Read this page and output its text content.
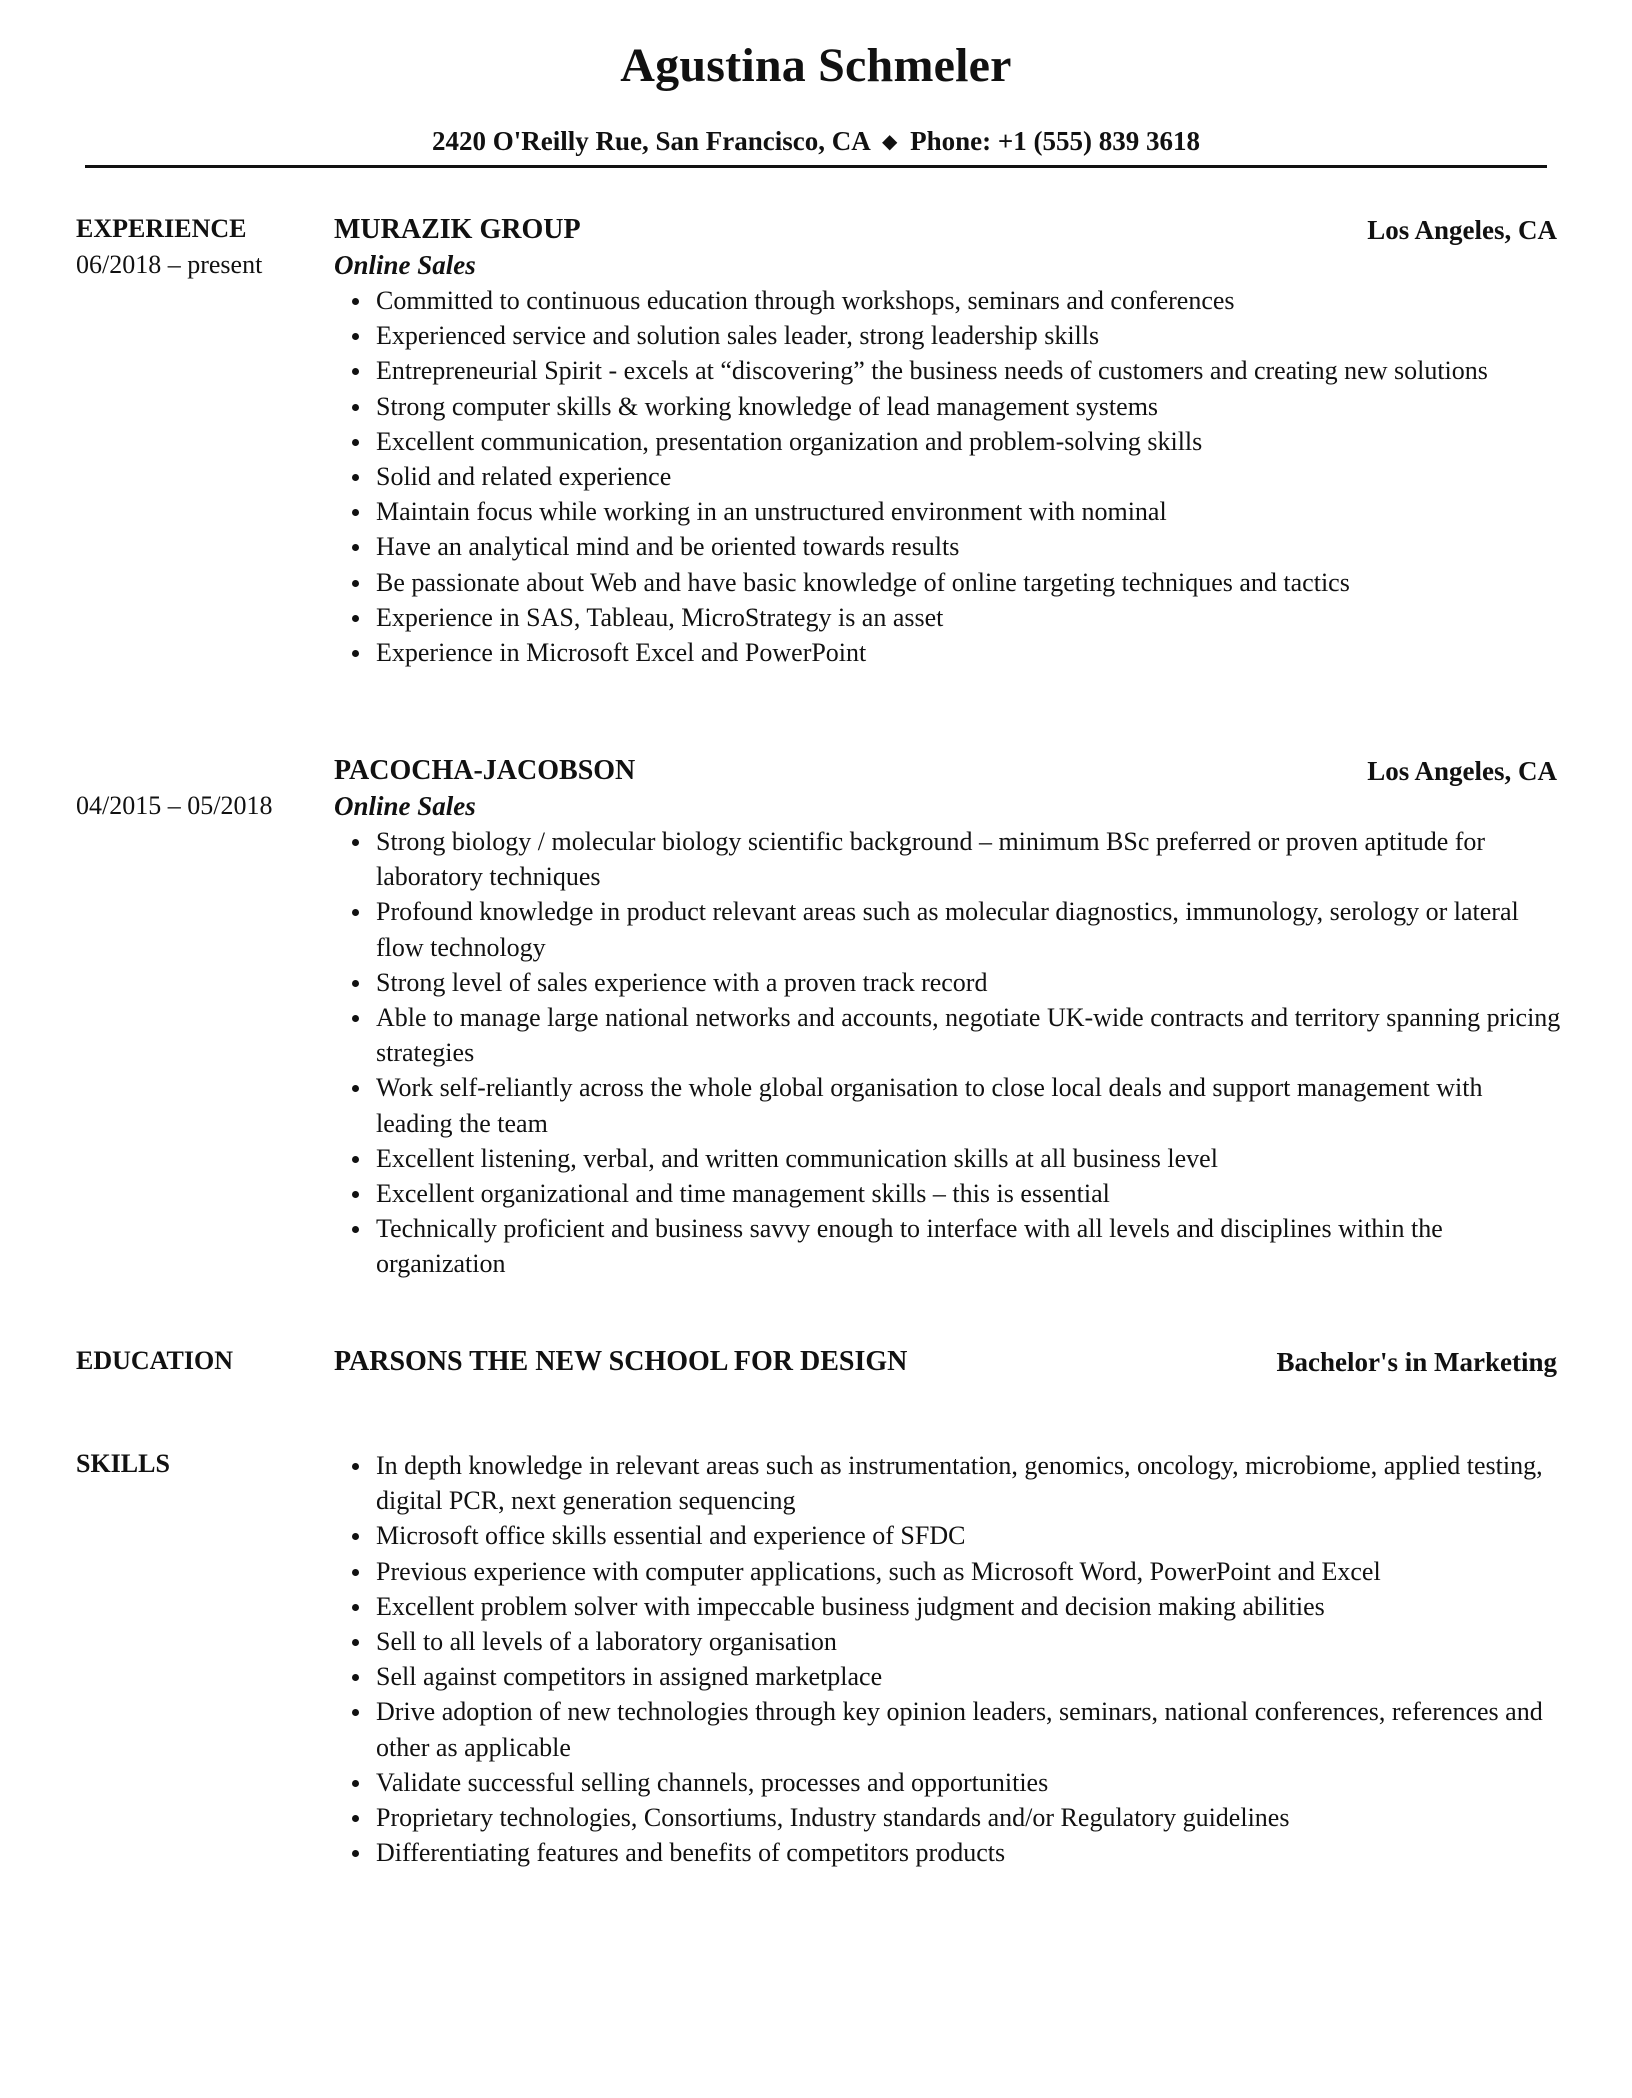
Agustina Schmeler
2420 O'Reilly Rue, San Francisco, CA ◆ Phone: +1 (555) 839 3618
EXPERIENCE
06/2018 – present
MURAZIK GROUP	Los Angeles, CA
Online Sales
Committed to continuous education through workshops, seminars and conferences
Experienced service and solution sales leader, strong leadership skills
Entrepreneurial Spirit - excels at “discovering” the business needs of customers and creating new solutions
Strong computer skills & working knowledge of lead management systems
Excellent communication, presentation organization and problem-solving skills
Solid and related experience
Maintain focus while working in an unstructured environment with nominal
Have an analytical mind and be oriented towards results
Be passionate about Web and have basic knowledge of online targeting techniques and tactics
Experience in SAS, Tableau, MicroStrategy is an asset
Experience in Microsoft Excel and PowerPoint
04/2015 – 05/2018
PACOCHA-JACOBSON	Los Angeles, CA
Online Sales
Strong biology / molecular biology scientific background – minimum BSc preferred or proven aptitude for laboratory techniques
Profound knowledge in product relevant areas such as molecular diagnostics, immunology, serology or lateral flow technology
Strong level of sales experience with a proven track record
Able to manage large national networks and accounts, negotiate UK-wide contracts and territory spanning pricing strategies
Work self-reliantly across the whole global organisation to close local deals and support management with leading the team
Excellent listening, verbal, and written communication skills at all business level
Excellent organizational and time management skills – this is essential
Technically proficient and business savvy enough to interface with all levels and disciplines within the organization
EDUCATION	PARSONS THE NEW SCHOOL FOR DESIGN	Bachelor's in Marketing
SKILLS	In depth knowledge in relevant areas such as instrumentation, genomics, oncology, microbiome, applied testing, digital PCR, next generation sequencing
Microsoft office skills essential and experience of SFDC
Previous experience with computer applications, such as Microsoft Word, PowerPoint and Excel
Excellent problem solver with impeccable business judgment and decision making abilities
Sell to all levels of a laboratory organisation
Sell against competitors in assigned marketplace
Drive adoption of new technologies through key opinion leaders, seminars, national conferences, references and other as applicable
Validate successful selling channels, processes and opportunities
Proprietary technologies, Consortiums, Industry standards and/or Regulatory guidelines
Differentiating features and benefits of competitors products
